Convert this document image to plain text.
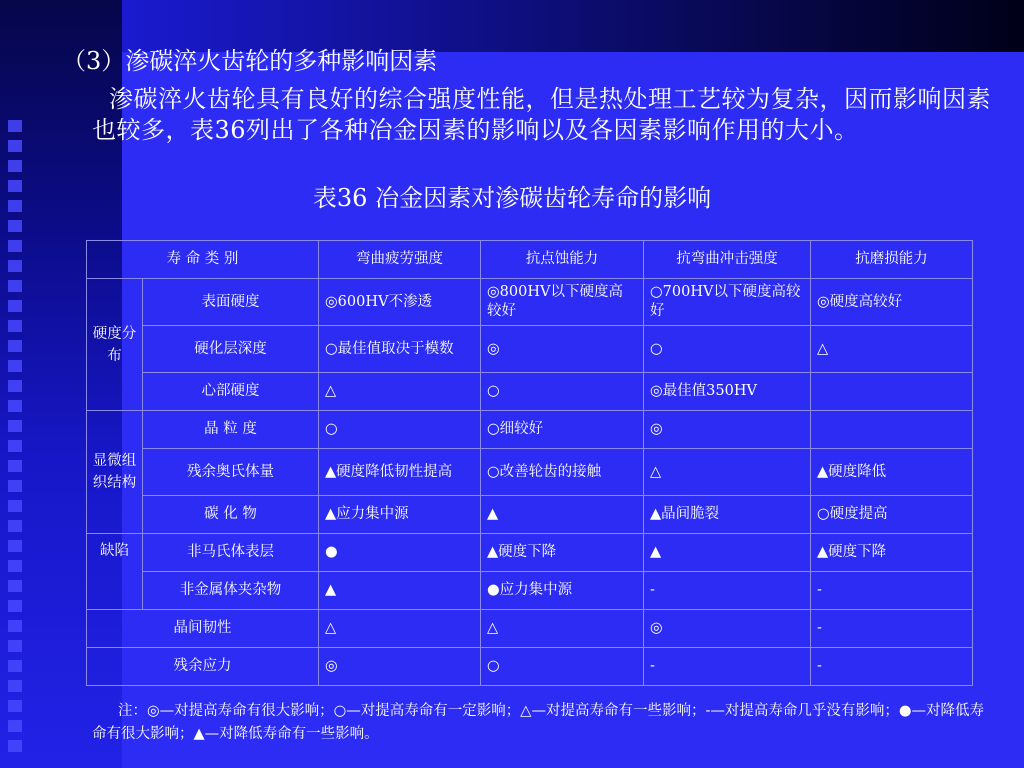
（3）渗碳淬火齿轮的多种影响因素
渗碳淬火齿轮具有良好的综合强度性能，但是热处理工艺较为复杂，因而影响因素也较多，表36列出了各种冶金因素的影响以及各因素影响作用的大小。
表36 冶金因素对渗碳齿轮寿命的影响
寿 命 类 别		弯曲疲劳强度	抗点蚀能力	抗弯曲冲击强度	抗磨损能力
硬度分布	表面硬度	◎600HV不渗透	◎800HV以下硬度高较好	○700HV以下硬度高较好	◎硬度高较好
	硬化层深度	○最佳值取决于模数	◎	○	△
	心部硬度	△	○	◎最佳值350HV	
显微组织结构	晶 粒 度	○	○细较好	◎	
	残余奥氏体量	▲硬度降低韧性提高	○改善轮齿的接触	△	▲硬度降低
	碳 化 物	▲应力集中源	▲	▲晶间脆裂	○硬度提高
缺陷	非马氏体表层	●	▲硬度下降	▲	▲硬度下降
	非金属体夹杂物	▲	●应力集中源	-	-
晶间韧性		△	△	◎	-
残余应力		◎	○	-	-
注：◎—对提高寿命有很大影响；○—对提高寿命有一定影响；△—对提高寿命有一些影响；-—对提高寿命几乎没有影响；●—对降低寿命有很大影响；▲—对降低寿命有一些影响。
